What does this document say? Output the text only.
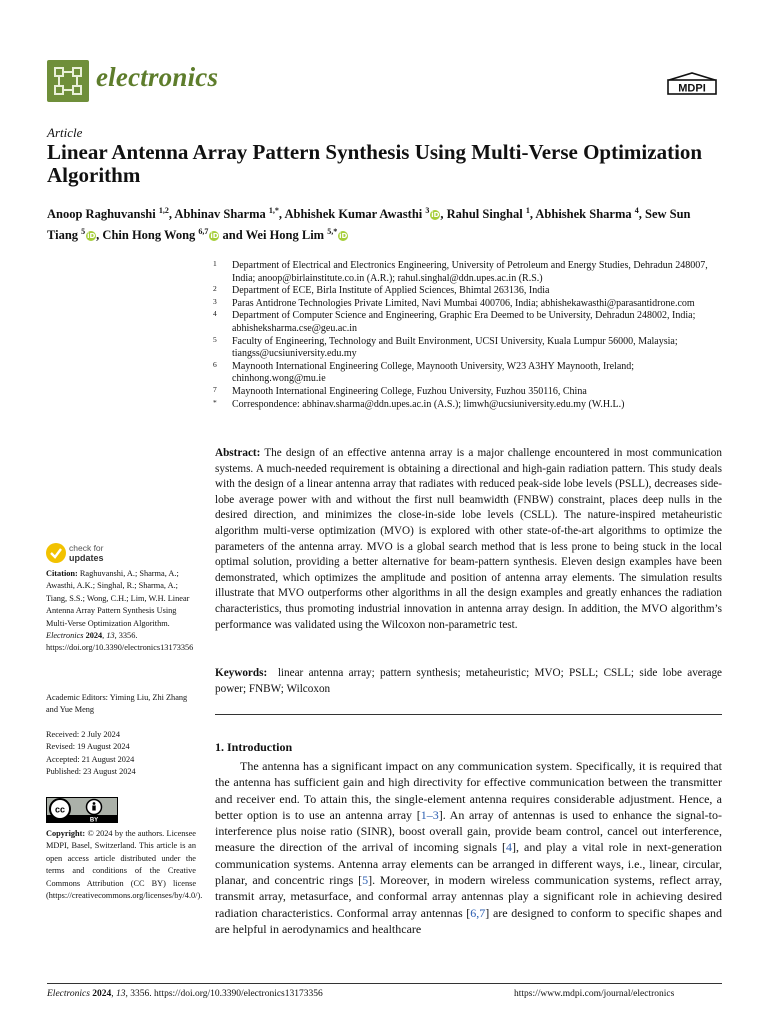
electronics	MDPI
Article
Linear Antenna Array Pattern Synthesis Using Multi-Verse Optimization Algorithm
Anoop Raghuvanshi $^{1,2}$, Abhinav Sharma $^{1,*}$, Abhishek Kumar Awasthi $^3$iD, Rahul Singhal $^1$, Abhishek Sharma $^4$, Sew Sun Tiang $^5$iD, Chin Hong Wong $^{6,7}$iD and Wei Hong Lim $^{5,*}$iD
1 Department of Electrical and Electronics Engineering, University of Petroleum and Energy Studies, Dehradun 248007, India; anoop@birlainstitute.co.in (A.R.); rahul.singhal@ddn.upes.ac.in (R.S.)
2 Department of ECE, Birla Institute of Applied Sciences, Bhimtal 263136, India
3 Paras Antidrone Technologies Private Limited, Navi Mumbai 400706, India; abhishekawasthi@parasantidrone.com
4 Department of Computer Science and Engineering, Graphic Era Deemed to be University, Dehradun 248002, India; abhisheksharma.cse@geu.ac.in
5 Faculty of Engineering, Technology and Built Environment, UCSI University, Kuala Lumpur 56000, Malaysia; tiangss@ucsiuniversity.edu.my
6 Maynooth International Engineering College, Maynooth University, W23 A3HY Maynooth, Ireland; chinhong.wong@mu.ie
7 Maynooth International Engineering College, Fuzhou University, Fuzhou 350116, China
* Correspondence: abhinav.sharma@ddn.upes.ac.in (A.S.); limwh@ucsiuniversity.edu.my (W.H.L.)
Abstract: The design of an effective antenna array is a major challenge encountered in most communication systems. A much-needed requirement is obtaining a directional and high-gain radiation pattern. This study deals with the design of a linear antenna array that radiates with reduced peak-side lobe levels (PSLL), decreases side-lobe average power with and without the first null beamwidth (FNBW) constraint, places deep nulls in the desired direction, and minimizes the close-in-side lobe levels (CSLL). The nature-inspired metaheuristic algorithm multi-verse optimization (MVO) is explored with other state-of-the-art algorithms to optimize the parameters of the antenna array. MVO is a global search method that is less prone to being stuck in the local optimal solution, providing a better alternative for beam-pattern synthesis. Eleven design examples have been demonstrated, which optimizes the amplitude and position of antenna array elements. The simulation results illustrate that MVO outperforms other algorithms in all the design examples and greatly enhances the radiation characteristics, thus promoting industrial innovation in antenna array design. In addition, the MVO algorithm’s performance was validated using the Wilcoxon non-parametric test.
Keywords: linear antenna array; pattern synthesis; metaheuristic; MVO; PSLL; CSLL; side lobe average power; FNBW; Wilcoxon
1. Introduction
The antenna has a significant impact on any communication system. Specifically, it is required that the antenna has sufficient gain and high directivity for effective communication between the transmitter and receiver end. To attain this, the single-element antenna requires considerable adjustment. Hence, a better option is to use an antenna array [1–3]. An array of antennas is used to enhance the signal-to-interference plus noise ratio (SINR), boost overall gain, provide beam control, cancel out interference, measure the direction of the arrival of incoming signals [4], and play a vital role in next-generation communication systems. Antenna array elements can be arranged in different ways, i.e., linear, circular, planar, and concentric rings [5]. Moreover, in modern wireless communication systems, reflect array, transmit array, metasurface, and conformal array antennas play a significant role in achieving desired radiation characteristics. Conformal array antennas [6,7] are designed to conform to specific shapes and are helpful in aerodynamics and healthcare
check for
updates
Citation: Raghuvanshi, A.; Sharma, A.; Awasthi, A.K.; Singhal, R.; Sharma, A.; Tiang, S.S.; Wong, C.H.; Lim, W.H. Linear Antenna Array Pattern Synthesis Using Multi-Verse Optimization Algorithm. Electronics 2024, 13, 3356. https://doi.org/10.3390/electronics13173356
Academic Editors: Yiming Liu, Zhi Zhang and Yue Meng
Received: 2 July 2024
Revised: 19 August 2024
Accepted: 21 August 2024
Published: 23 August 2024
cc
BY
Copyright: © 2024 by the authors. Licensee MDPI, Basel, Switzerland. This article is an open access article distributed under the terms and conditions of the Creative Commons Attribution (CC BY) license (https://creativecommons.org/licenses/by/4.0/).
Electronics 2024, 13, 3356. https://doi.org/10.3390/electronics13173356	https://www.mdpi.com/journal/electronics
